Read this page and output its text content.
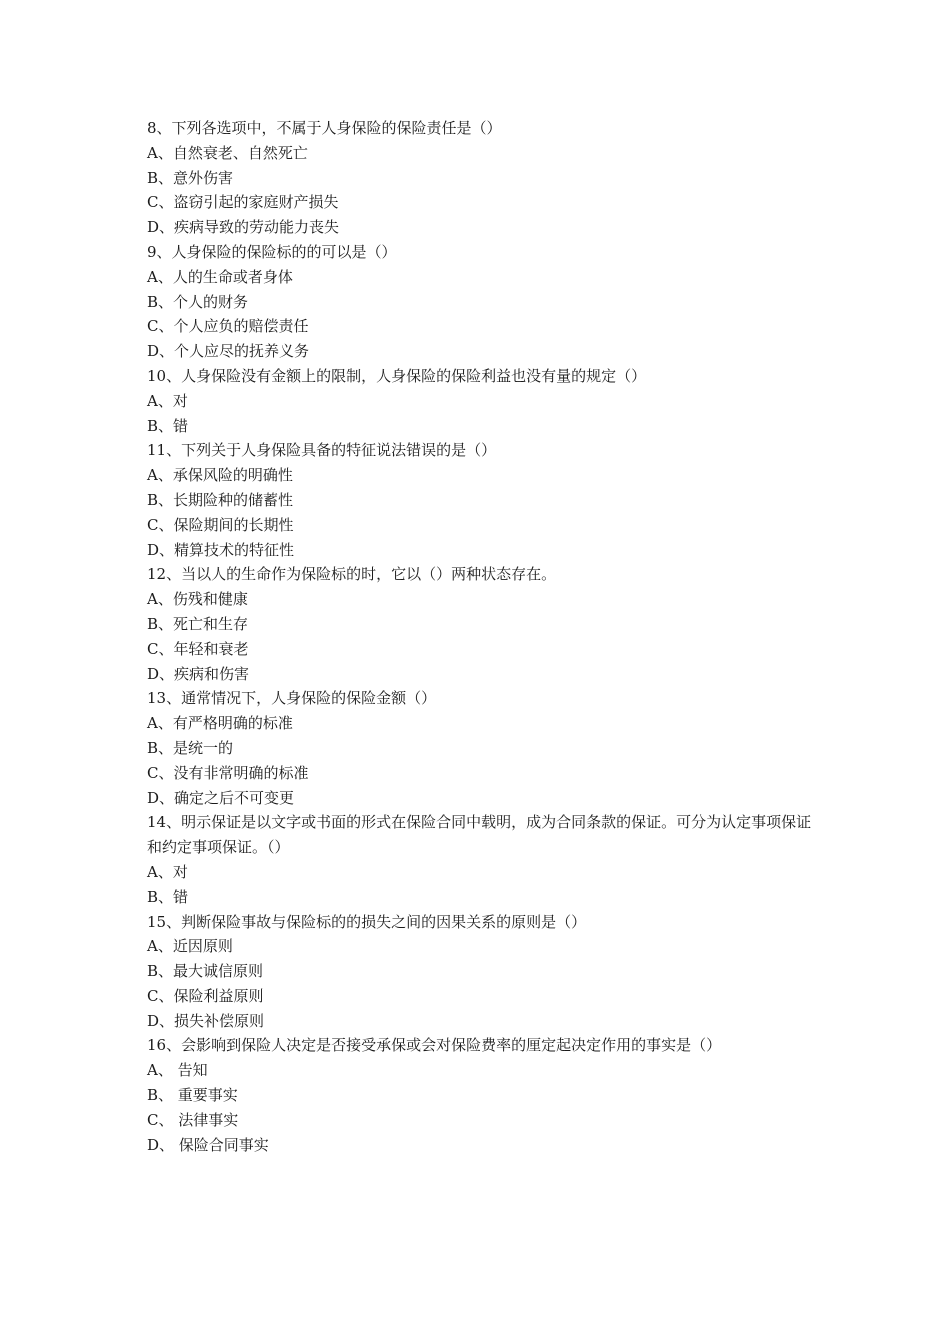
8、下列各选项中，不属于人身保险的保险责任是（）
A、自然衰老、自然死亡
B、意外伤害
C、盗窃引起的家庭财产损失
D、疾病导致的劳动能力丧失
9、人身保险的保险标的的可以是（）
A、人的生命或者身体
B、个人的财务
C、个人应负的赔偿责任
D、个人应尽的抚养义务
10、人身保险没有金额上的限制，人身保险的保险利益也没有量的规定（）
A、对
B、错
11、下列关于人身保险具备的特征说法错误的是（）
A、承保风险的明确性
B、长期险种的储蓄性
C、保险期间的长期性
D、精算技术的特征性
12、当以人的生命作为保险标的时，它以（）两种状态存在。
A、伤残和健康
B、死亡和生存
C、年轻和衰老
D、疾病和伤害
13、通常情况下，人身保险的保险金额（）
A、有严格明确的标准
B、是统一的
C、没有非常明确的标准
D、确定之后不可变更
14、明示保证是以文字或书面的形式在保险合同中载明，成为合同条款的保证。可分为认定事项保证和约定事项保证。（）
A、对
B、错
15、判断保险事故与保险标的的损失之间的因果关系的原则是（）
A、近因原则
B、最大诚信原则
C、保险利益原则
D、损失补偿原则
16、会影响到保险人决定是否接受承保或会对保险费率的厘定起决定作用的事实是（）
A、 告知
B、 重要事实
C、 法律事实
D、 保险合同事实
